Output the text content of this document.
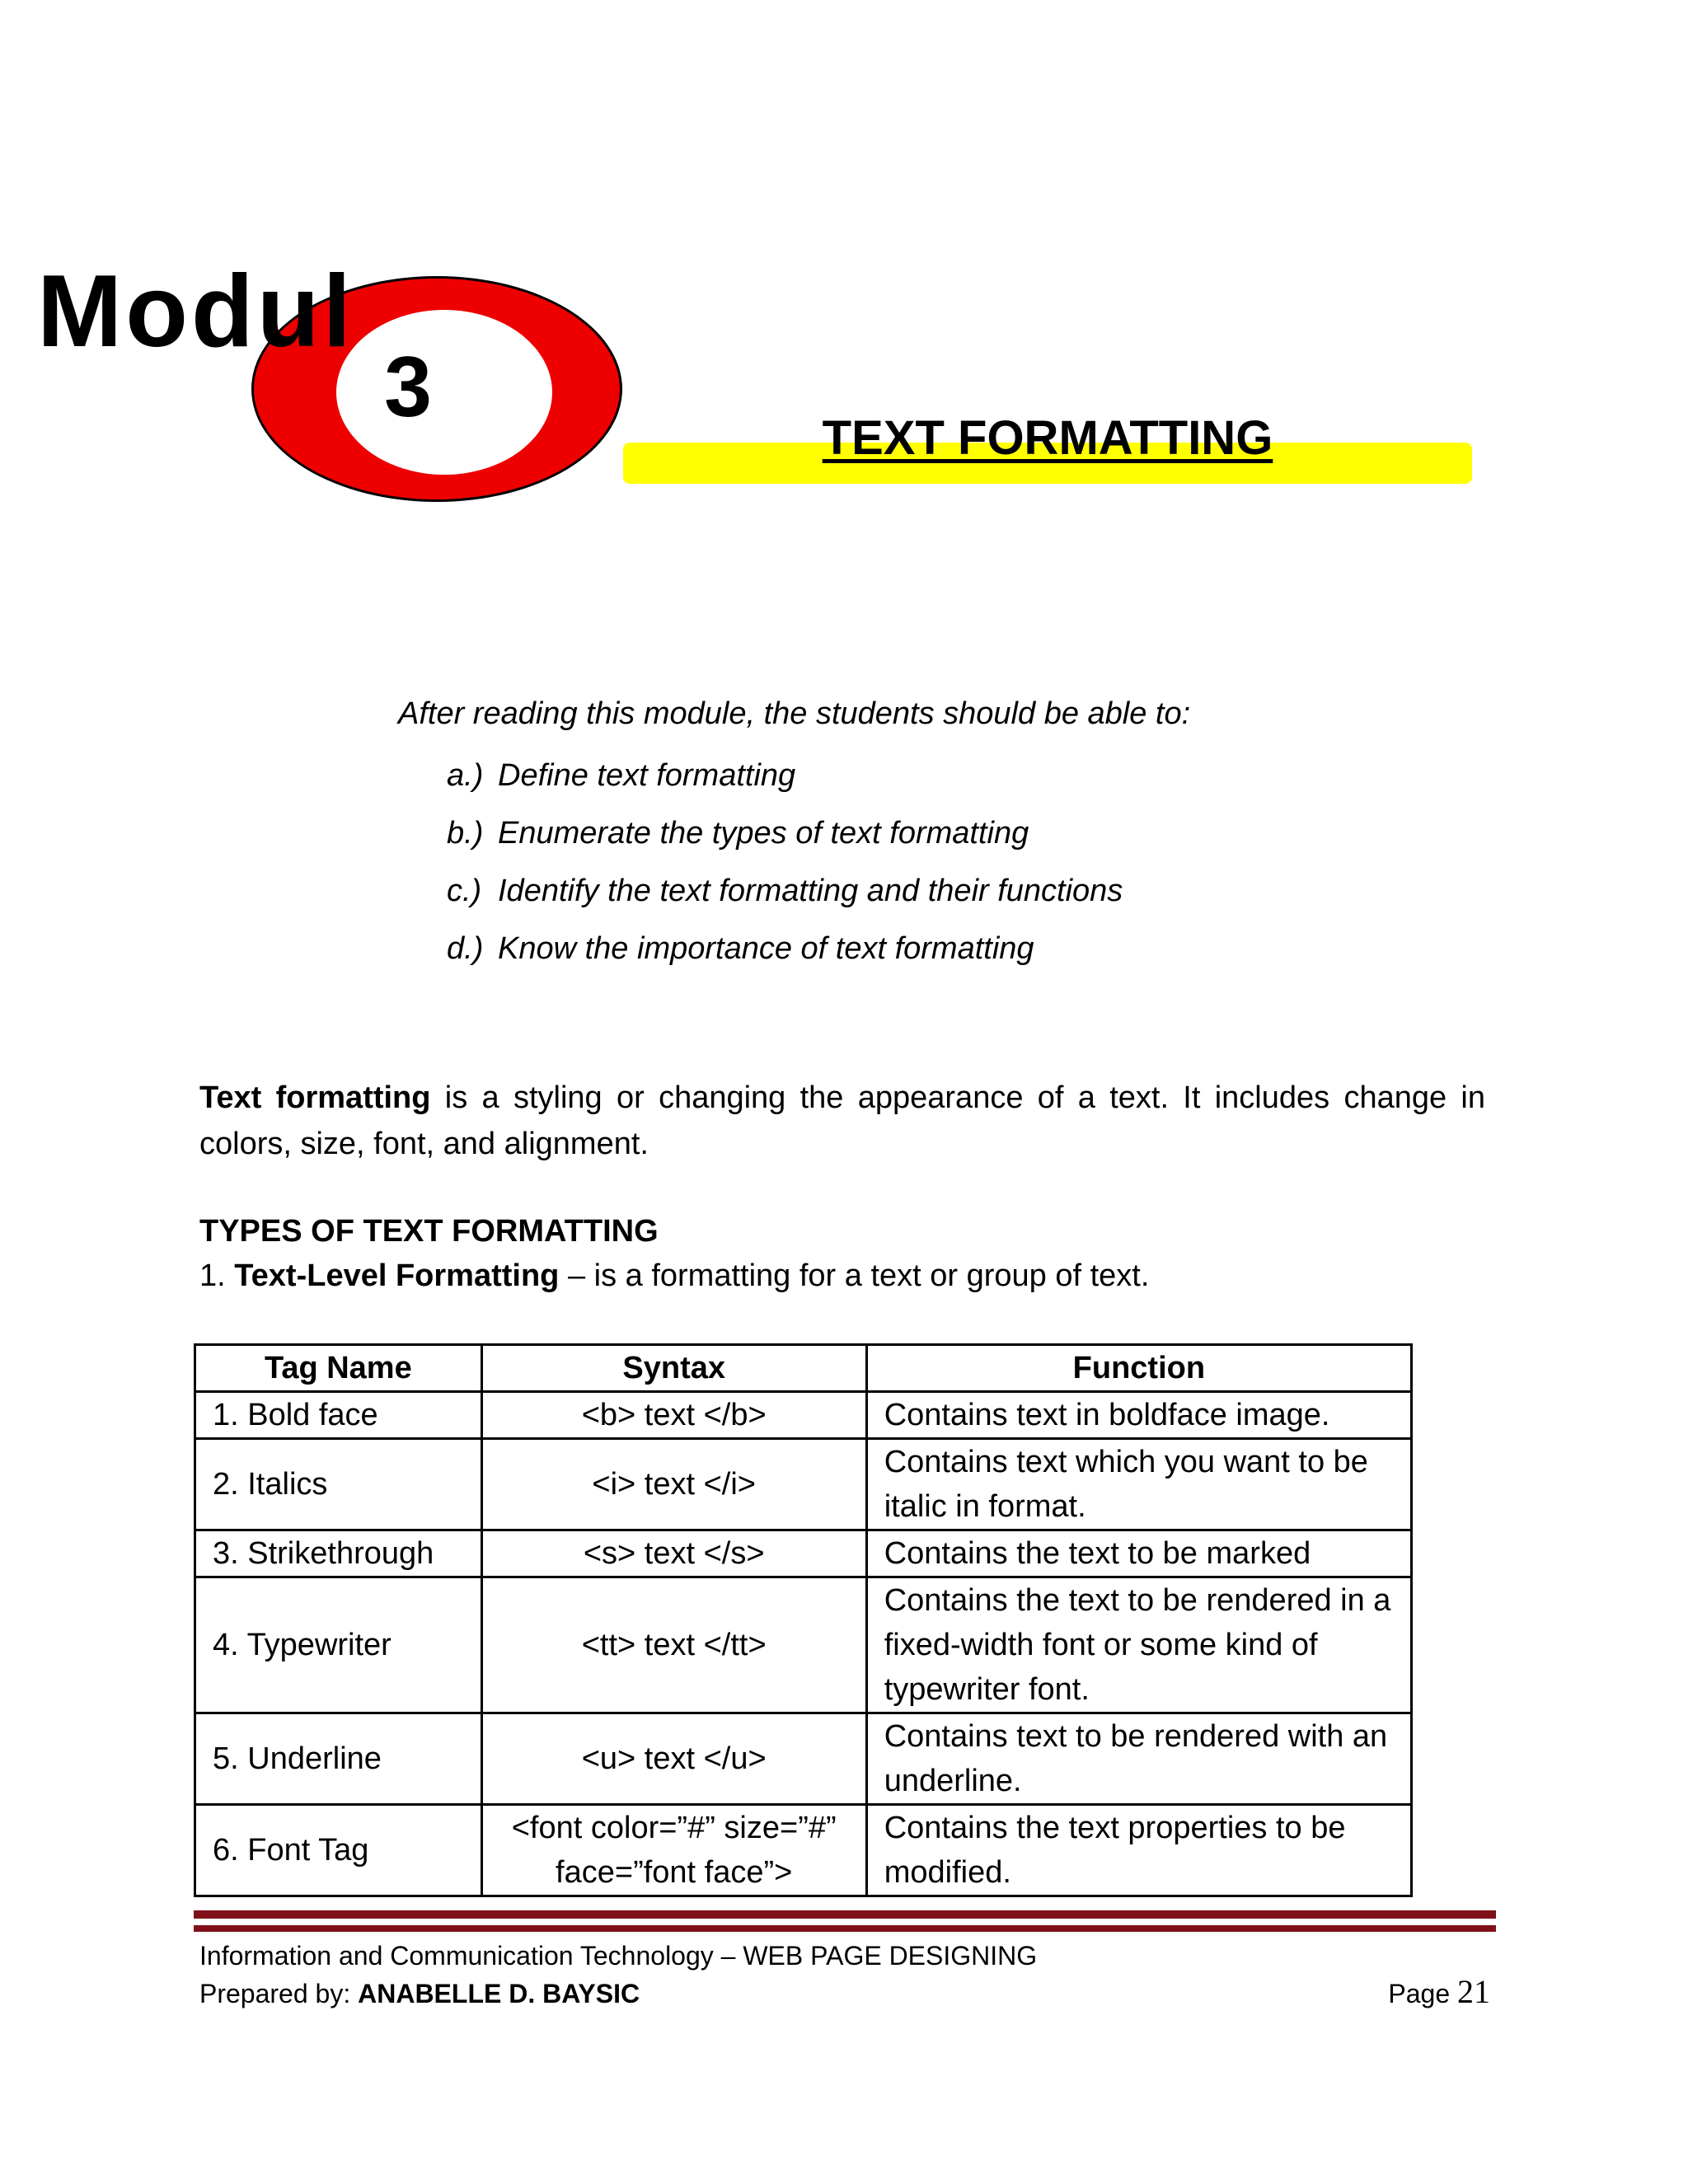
Modul
3
TEXT FORMATTING
After reading this module, the students should be able to:
a.) Define text formatting
b.) Enumerate the types of text formatting
c.) Identify the text formatting and their functions
d.) Know the importance of text formatting

Text formatting is a styling or changing the appearance of a text. It includes change in colors, size, font, and alignment.

TYPES OF TEXT FORMATTING
1. Text-Level Formatting – is a formatting for a text or group of text.
Tag Name	Syntax	Function
1. Bold face	<b> text </b>	Contains text in boldface image.
2. Italics	<i> text </i>	Contains text which you want to be italic in format.
3. Strikethrough	<s> text </s>	Contains the text to be marked
4. Typewriter	<tt> text </tt>	Contains the text to be rendered in a fixed-width font or some kind of typewriter font.
5. Underline	<u> text </u>	Contains text to be rendered with an underline.
6. Font Tag	<font color=”#” size=”#” face=”font face”>	Contains the text properties to be modified.
Information and Communication Technology – WEB PAGE DESIGNING
Prepared by: ANABELLE D. BAYSIC	Page 21
